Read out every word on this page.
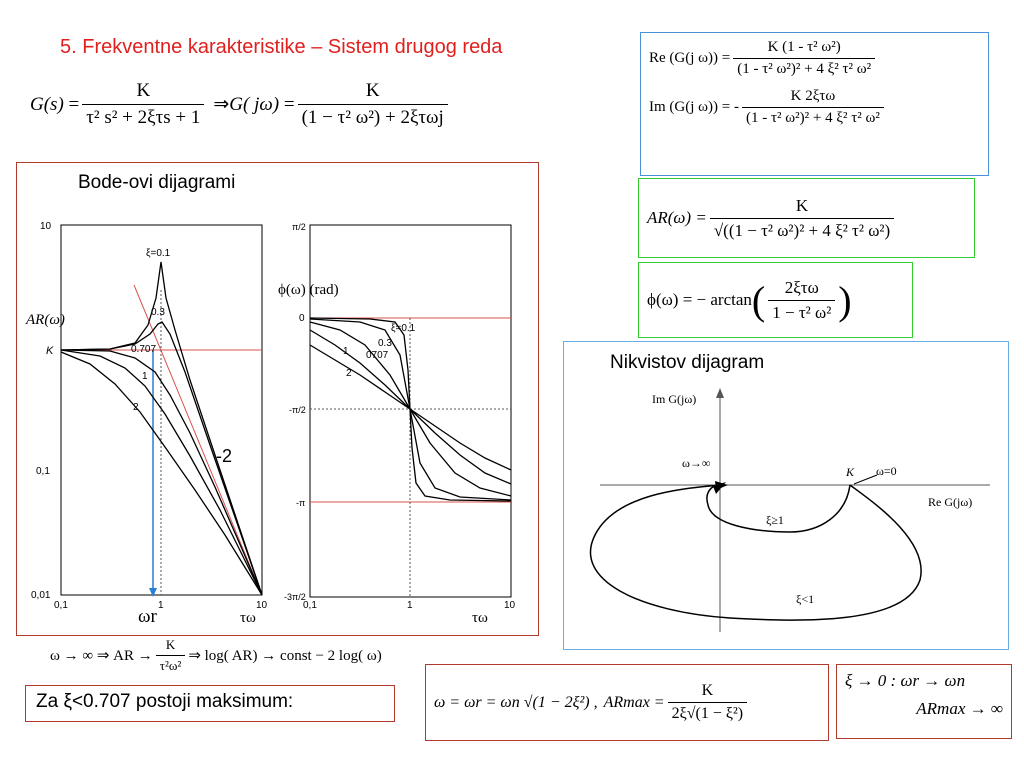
5. Frekventne karakteristike – Sistem drugog reda
$G(s) = \frac{K}{\text{τ² s² + 2ξτs + 1}}$ ⇒ G( $j\omega) = \frac{K}{\text{(1 − τ² ω²) + 2ξτωj}}$
Re (G(j $\omega)) = \frac{\text{K (1 - τ² ω²)}}{\text{(1 - τ² ω²)² + 4 ξ² τ² ω²}}$
Im (G(j ω)) = - $\frac{\text{K 2ξτω}}{\text{(1 - τ² ω²)² + 4 ξ² τ² ω²}}$
$AR(\omega) = \frac{K}{\text{√((1 − τ² ω²)² + 4 ξ² τ² ω²)}}$
ϕ(ω) = − arctan ( $\frac{\text{2ξτω}}{\text{1 − τ² ω²}}$ )
Bode-ovi dijagrami
10
0,1
0,01
0,1	1	10
τω
AR(ω)
K
ωr
-2
ξ=0.1
0.3
0.707
1
2
π/2
0
-π/2
-π
-3π/2
0,1	1	10
τω
ϕ(ω) (rad)
ξ=0.1
0.3
0707
1
2
Nikvistov dijagram
Im G(jω)
Re G(jω)
ω→∞
ω=0
K
ξ≥1
ξ<1
ω → ∞ ⇒ AR → $\frac{K}{\text{τ²ω²}}$ ⇒ log( AR) → const − 2 log( ω)
Za ξ<0.707 postoji maksimum:	ω = ωr = ωn √(1 − 2ξ²) , $ARmax = \frac{K}{\text{2ξ√(1 − ξ²)}}$
ξ → 0 : ωr → ωn
ARmax → ∞
